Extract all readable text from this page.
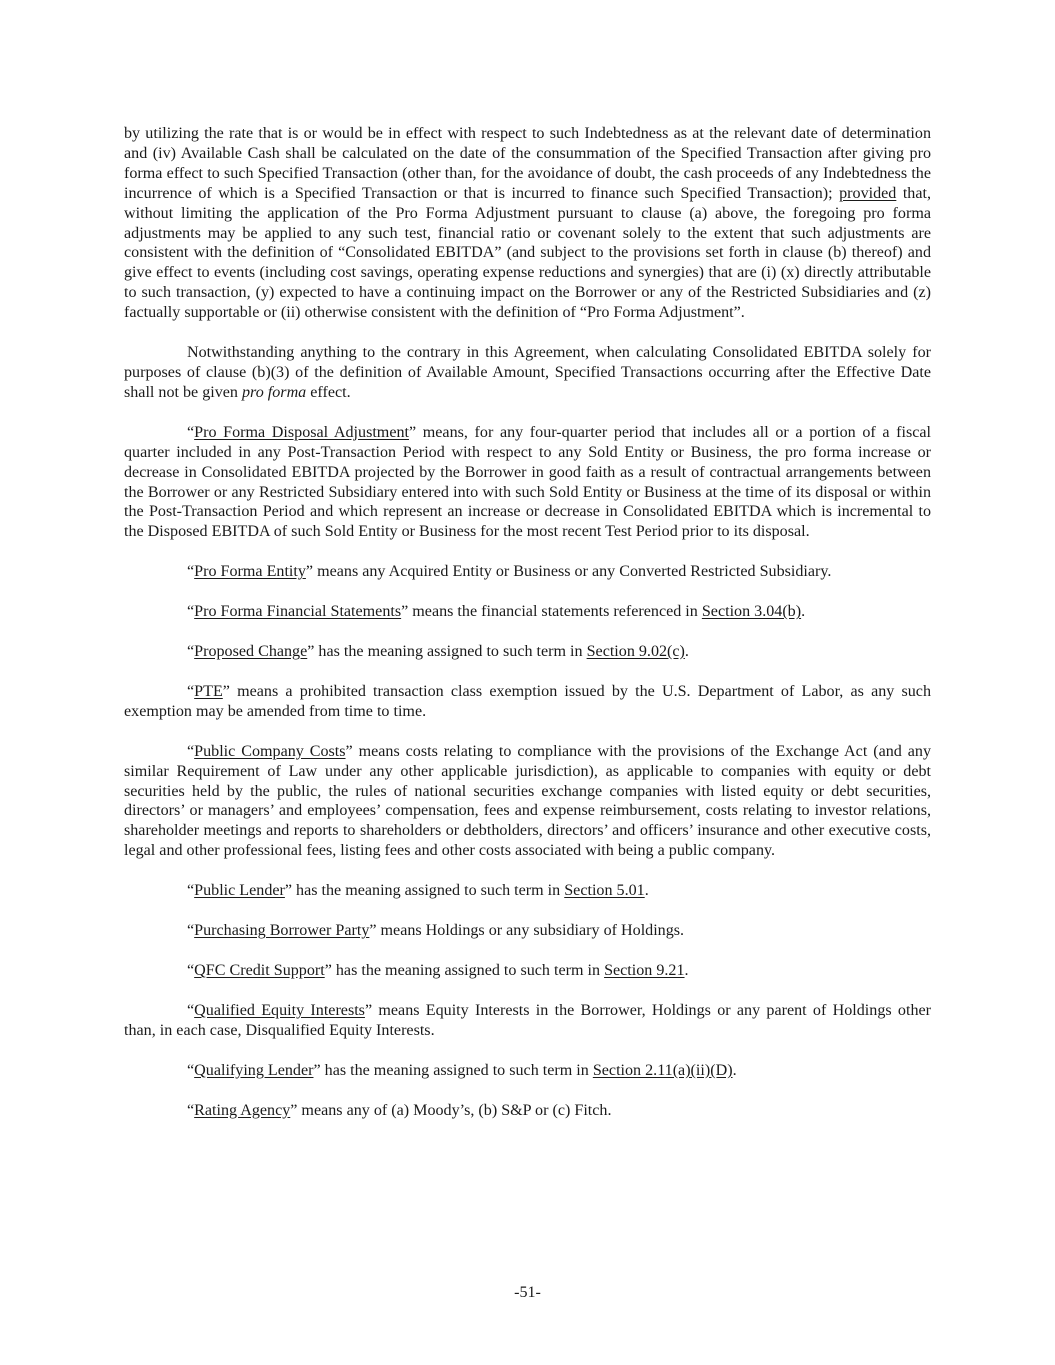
by utilizing the rate that is or would be in effect with respect to such Indebtedness as at the relevant date of determination and (iv) Available Cash shall be calculated on the date of the consummation of the Specified Transaction after giving pro forma effect to such Specified Transaction (other than, for the avoidance of doubt, the cash proceeds of any Indebtedness the incurrence of which is a Specified Transaction or that is incurred to finance such Specified Transaction); provided that, without limiting the application of the Pro Forma Adjustment pursuant to clause (a) above, the foregoing pro forma adjustments may be applied to any such test, financial ratio or covenant solely to the extent that such adjustments are consistent with the definition of “Consolidated EBITDA” (and subject to the provisions set forth in clause (b) thereof) and give effect to events (including cost savings, operating expense reductions and synergies) that are (i) (x) directly attributable to such transaction, (y) expected to have a continuing impact on the Borrower or any of the Restricted Subsidiaries and (z) factually supportable or (ii) otherwise consistent with the definition of “Pro Forma Adjustment”.

Notwithstanding anything to the contrary in this Agreement, when calculating Consolidated EBITDA solely for purposes of clause (b)(3) of the definition of Available Amount, Specified Transactions occurring after the Effective Date shall not be given pro forma effect.

“Pro Forma Disposal Adjustment” means, for any four-quarter period that includes all or a portion of a fiscal quarter included in any Post-Transaction Period with respect to any Sold Entity or Business, the pro forma increase or decrease in Consolidated EBITDA projected by the Borrower in good faith as a result of contractual arrangements between the Borrower or any Restricted Subsidiary entered into with such Sold Entity or Business at the time of its disposal or within the Post-Transaction Period and which represent an increase or decrease in Consolidated EBITDA which is incremental to the Disposed EBITDA of such Sold Entity or Business for the most recent Test Period prior to its disposal.

“Pro Forma Entity” means any Acquired Entity or Business or any Converted Restricted Subsidiary.

“Pro Forma Financial Statements” means the financial statements referenced in Section 3.04(b).

“Proposed Change” has the meaning assigned to such term in Section 9.02(c).

“PTE” means a prohibited transaction class exemption issued by the U.S. Department of Labor, as any such exemption may be amended from time to time.

“Public Company Costs” means costs relating to compliance with the provisions of the Exchange Act (and any similar Requirement of Law under any other applicable jurisdiction), as applicable to companies with equity or debt securities held by the public, the rules of national securities exchange companies with listed equity or debt securities, directors’ or managers’ and employees’ compensation, fees and expense reimbursement, costs relating to investor relations, shareholder meetings and reports to shareholders or debtholders, directors’ and officers’ insurance and other executive costs, legal and other professional fees, listing fees and other costs associated with being a public company.

“Public Lender” has the meaning assigned to such term in Section 5.01.

“Purchasing Borrower Party” means Holdings or any subsidiary of Holdings.

“QFC Credit Support” has the meaning assigned to such term in Section 9.21.

“Qualified Equity Interests” means Equity Interests in the Borrower, Holdings or any parent of Holdings other than, in each case, Disqualified Equity Interests.

“Qualifying Lender” has the meaning assigned to such term in Section 2.11(a)(ii)(D).

“Rating Agency” means any of (a) Moody’s, (b) S&P or (c) Fitch.

-51-
